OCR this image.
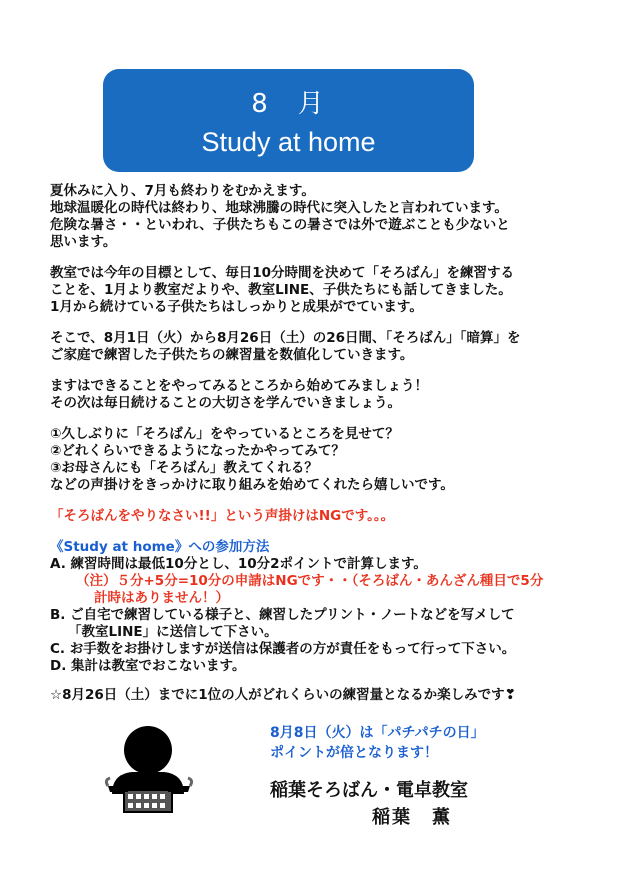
8　月
Study at home

夏休みに入り、7月も終わりをむかえます。

地球温暖化の時代は終わり、地球沸騰の時代に突入したと言われています。

危険な暑さ・・といわれ、子供たちもこの暑さでは外で遊ぶことも少ないと

思います。

教室では今年の目標として、毎日10分時間を決めて「そろばん」を練習する

ことを、1月より教室だよりや、教室LINE、子供たちにも話してきました。

1月から続けている子供たちはしっかりと成果がでています。

そこで、8月1日（火）から8月26日（土）の26日間、「そろばん」「暗算」を

ご家庭で練習した子供たちの練習量を数値化していきます。

ますはできることをやってみるところから始めてみましょう！

その次は毎日続けることの大切さを学んでいきましょう。

①久しぶりに「そろばん」をやっているところを見せて？

②どれくらいできるようになったかやってみて？

③お母さんにも「そろばん」教えてくれる？

などの声掛けをきっかけに取り組みを始めてくれたら嬉しいです。

「そろばんをやりなさい!!」という声掛けはNGです。。。

《Study at home》への参加方法

A. 練習時間は最低10分とし、10分2ポイントで計算します。

（注）５分+5分=10分の申請はNGです・・（そろばん・あんざん種目で5分

計時はありません！）

B. ご自宅で練習している様子と、練習したプリント・ノートなどを写メして

「教室LINE」に送信して下さい。

C. お手数をお掛けしますが送信は保護者の方が責任をもって行って下さい。

D. 集計は教室でおこないます。

☆8月26日（土）までに1位の人がどれくらいの練習量となるか楽しみです❣

8月8日（火）は「パチパチの日」
ポイントが倍となります！
稲葉そろばん・電卓教室
稲葉　薫
